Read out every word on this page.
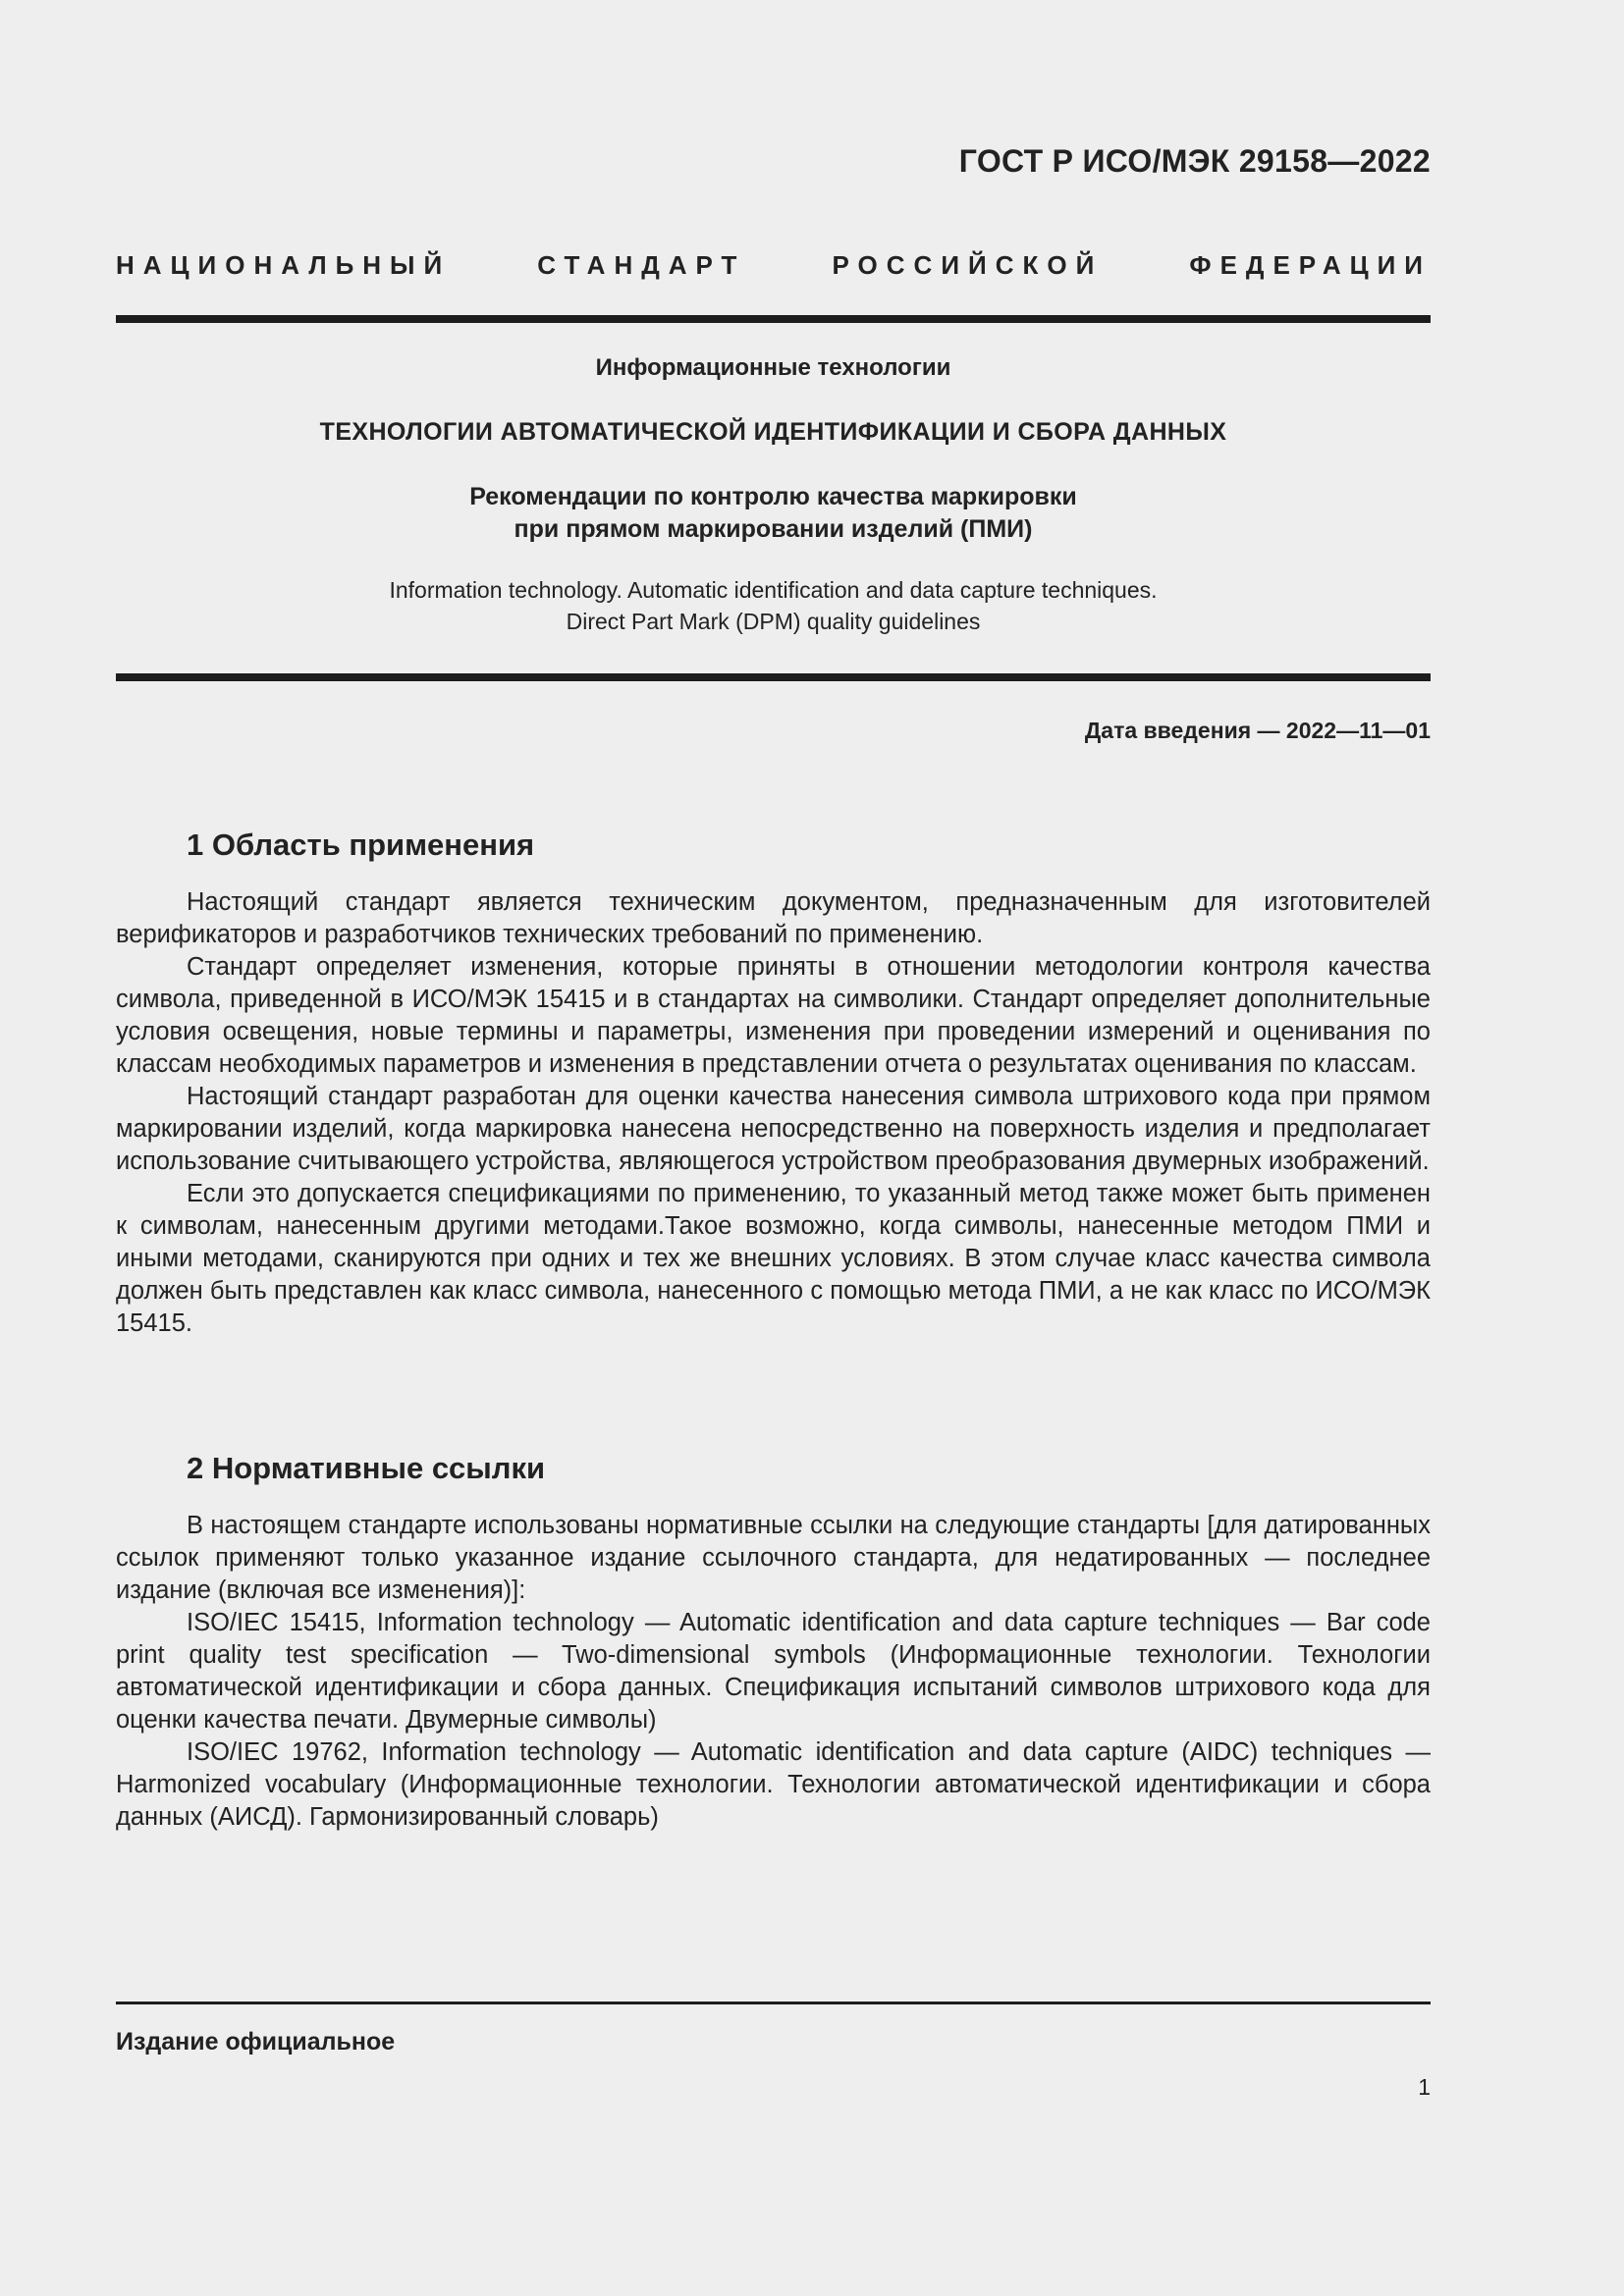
ГОСТ Р ИСО/МЭК 29158—2022
НАЦИОНАЛЬНЫЙ СТАНДАРТ РОССИЙСКОЙ ФЕДЕРАЦИИ
Информационные технологии
ТЕХНОЛОГИИ АВТОМАТИЧЕСКОЙ ИДЕНТИФИКАЦИИ И СБОРА ДАННЫХ
Рекомендации по контролю качества маркировки
при прямом маркировании изделий (ПМИ)
Information technology. Automatic identification and data capture techniques.
Direct Part Mark (DPM) quality guidelines
Дата введения — 2022—11—01
1 Область применения

Настоящий стандарт является техническим документом, предназначенным для изготовителей верификаторов и разработчиков технических требований по применению.

Стандарт определяет изменения, которые приняты в отношении методологии контроля качества символа, приведенной в ИСО/МЭК 15415 и в стандартах на символики. Стандарт определяет дополнительные условия освещения, новые термины и параметры, изменения при проведении измерений и оценивания по классам необходимых параметров и изменения в представлении отчета о результатах оценивания по классам.

Настоящий стандарт разработан для оценки качества нанесения символа штрихового кода при прямом маркировании изделий, когда маркировка нанесена непосредственно на поверхность изделия и предполагает использование считывающего устройства, являющегося устройством преобразования двумерных изображений.

Если это допускается спецификациями по применению, то указанный метод также может быть применен к символам, нанесенным другими методами.Такое возможно, когда символы, нанесенные методом ПМИ и иными методами, сканируются при одних и тех же внешних условиях. В этом случае класс качества символа должен быть представлен как класс символа, нанесенного с помощью метода ПМИ, а не как класс по ИСО/МЭК 15415.

2 Нормативные ссылки

В настоящем стандарте использованы нормативные ссылки на следующие стандарты [для датированных ссылок применяют только указанное издание ссылочного стандарта, для недатированных — последнее издание (включая все изменения)]:

ISO/IEC 15415, Information technology — Automatic identification and data capture techniques — Bar code print quality test specification — Two-dimensional symbols (Информационные технологии. Технологии автоматической идентификации и сбора данных. Спецификация испытаний символов штрихового кода для оценки качества печати. Двумерные символы)

ISO/IEC 19762, Information technology — Automatic identification and data capture (AIDC) techniques — Harmonized vocabulary (Информационные технологии. Технологии автоматической идентификации и сбора данных (АИСД). Гармонизированный словарь)

Издание официальное
1
